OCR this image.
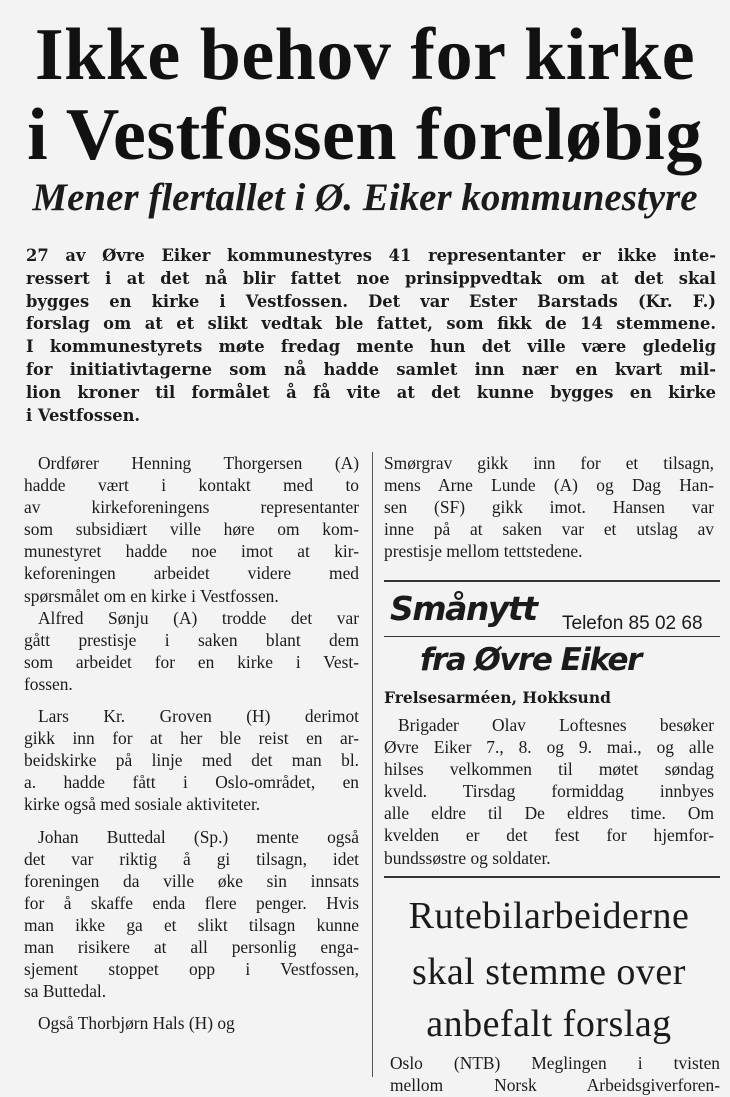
Ikke behov for kirke
i Vestfossen foreløbig
Mener flertallet i Ø. Eiker kommunestyre
27 av Øvre Eiker kommunestyres 41 representanter er ikke inte-
ressert i at det nå blir fattet noe prinsippvedtak om at det skal
bygges en kirke i Vestfossen. Det var Ester Barstads (Kr. F.)
forslag om at et slikt vedtak ble fattet, som fikk de 14 stemmene.
I kommunestyrets møte fredag mente hun det ville være gledelig
for initiativtagerne som nå hadde samlet inn nær en kvart mil-
lion kroner til formålet å få vite at det kunne bygges en kirke
i Vestfossen.
Ordfører Henning Thorgersen (A)
hadde vært i kontakt med to
av kirkeforeningens representanter
som subsidiært ville høre om kom-
munestyret hadde noe imot at kir-
keforeningen arbeidet videre med
spørsmålet om en kirke i Vestfossen.
Alfred Sønju (A) trodde det var
gått prestisje i saken blant dem
som arbeidet for en kirke i Vest-
fossen.
Lars Kr. Groven (H) derimot
gikk inn for at her ble reist en ar-
beidskirke på linje med det man bl.
a. hadde fått i Oslo-området, en
kirke også med sosiale aktiviteter.
Johan Buttedal (Sp.) mente også
det var riktig å gi tilsagn, idet
foreningen da ville øke sin innsats
for å skaffe enda flere penger. Hvis
man ikke ga et slikt tilsagn kunne
man risikere at all personlig enga-
sjement stoppet opp i Vestfossen,
sa Buttedal.
Også Thorbjørn Hals (H) og
Smørgrav gikk inn for et tilsagn,
mens Arne Lunde (A) og Dag Han-
sen (SF) gikk imot. Hansen var
inne på at saken var et utslag av
prestisje mellom tettstedene.
Smånytt Telefon 85 02 68
fra Øvre Eiker
Frelsesarméen, Hokksund
Brigader Olav Loftesnes besøker
Øvre Eiker 7., 8. og 9. mai., og alle
hilses velkommen til møtet søndag
kveld. Tirsdag formiddag innbyes
alle eldre til De eldres time. Om
kvelden er det fest for hjemfor-
bundssøstre og soldater.
Rutebilarbeiderne
skal stemme over
anbefalt forslag
Oslo (NTB) Meglingen i tvisten
mellom Norsk Arbeidsgiverforen-
